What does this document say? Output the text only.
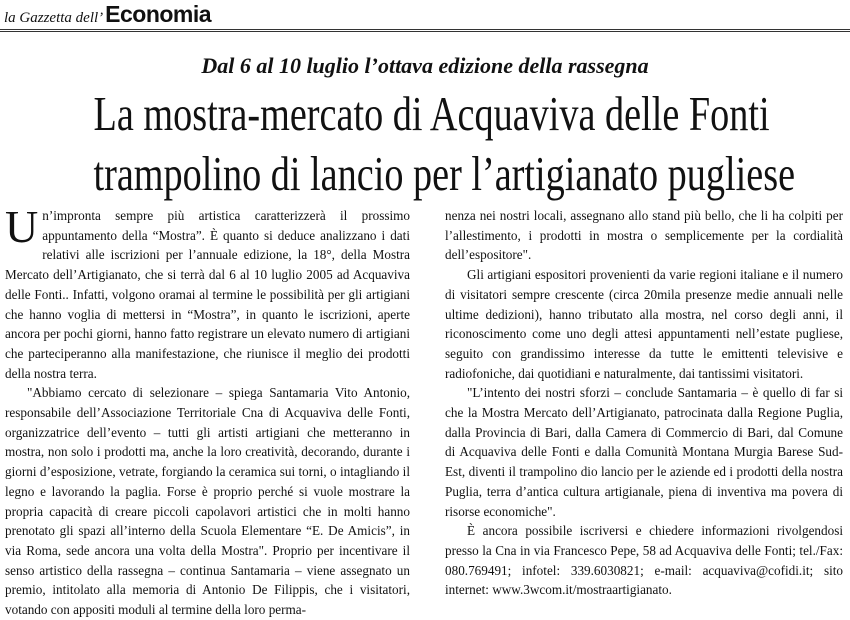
la Gazzetta dell’Economia
Dal 6 al 10 luglio l’ottava edizione della rassegna
La mostra-mercato di Acquaviva delle Fonti
trampolino di lancio per l’artigianato pugliese

Un’impronta sempre più artistica caratterizzerà il prossimo appuntamento della “Mostra”. È quanto si deduce analizzano i dati relativi alle iscrizioni per l’annuale edizione, la 18°, della Mostra Mercato dell’Artigianato, che si terrà dal 6 al 10 luglio 2005 ad Acquaviva delle Fonti.. Infatti, volgono oramai al termine le possibilità per gli artigiani che hanno voglia di mettersi in “Mostra”, in quanto le iscrizioni, aperte ancora per pochi giorni, hanno fatto registrare un elevato numero di artigiani che parteciperanno alla manifestazione, che riunisce il meglio dei prodotti della nostra terra.

"Abbiamo cercato di selezionare – spiega Santamaria Vito Antonio, responsabile dell’Associazione Territoriale Cna di Acquaviva delle Fonti, organizzatrice dell’evento – tutti gli artisti artigiani che metteranno in mostra, non solo i prodotti ma, anche la loro creatività, decorando, durante i giorni d’esposizione, vetrate, forgiando la ceramica sui torni, o intagliando il legno e lavorando la paglia. Forse è proprio perché si vuole mostrare la propria capacità di creare piccoli capolavori artistici che in molti hanno prenotato gli spazi all’interno della Scuola Elementare “E. De Amicis”, in via Roma, sede ancora una volta della Mostra". Proprio per incentivare il senso artistico della rassegna – continua Santamaria – viene assegnato un premio, intitolato alla memoria di Antonio De Filippis, che i visitatori, votando con appositi moduli al termine della loro perma-

nenza nei nostri locali, assegnano allo stand più bello, che li ha colpiti per l’allestimento, i prodotti in mostra o semplicemente per la cordialità dell’espositore".

Gli artigiani espositori provenienti da varie regioni italiane e il numero di visitatori sempre crescente (circa 20mila presenze medie annuali nelle ultime dedizioni), hanno tributato alla mostra, nel corso degli anni, il riconoscimento come uno degli attesi appuntamenti nell’estate pugliese, seguito con grandissimo interesse da tutte le emittenti televisive e radiofoniche, dai quotidiani e naturalmente, dai tantissimi visitatori.

"L’intento dei nostri sforzi – conclude Santamaria – è quello di far si che la Mostra Mercato dell’Artigianato, patrocinata dalla Regione Puglia, dalla Provincia di Bari, dalla Camera di Commercio di Bari, dal Comune di Acquaviva delle Fonti e dalla Comunità Montana Murgia Barese Sud-Est, diventi il trampolino dio lancio per le aziende ed i prodotti della nostra Puglia, terra d’antica cultura artigianale, piena di inventiva ma povera di risorse economiche".

È ancora possibile iscriversi e chiedere informazioni rivolgendosi presso la Cna in via Francesco Pepe, 58 ad Acquaviva delle Fonti; tel./Fax: 080.769491; infotel: 339.6030821; e-mail: acquaviva@cofidi.it; sito internet: www.3wcom.it/mostraartigianato.
